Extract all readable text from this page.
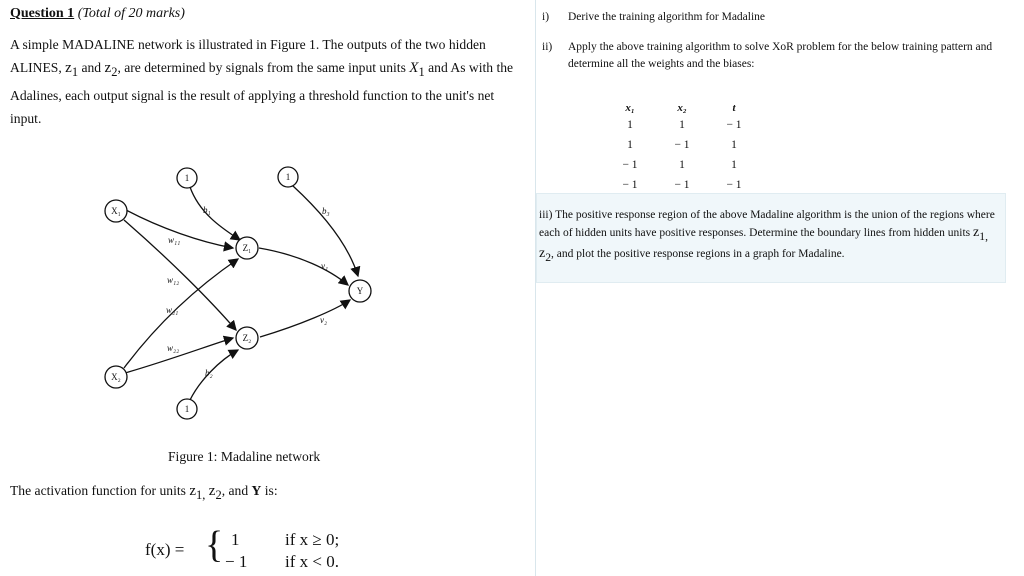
Question 1 (Total of 20 marks)
A simple MADALINE network is illustrated in Figure 1. The outputs of the two hidden ALINES, $z_1$ and $z_2$, are determined by signals from the same input units $X_1$ and As with the Adalines, each output signal is the result of applying a threshold function to the unit's net input.
1	1
X₁
Z₁
Y
Z₂
X₂
1
b₁	b₃
w₁₁
w₁₂
v₁
w₂₁
v₂
w₂₂
b₂
Figure 1: Madaline network
The activation function for units $z_{1,}$ $z_2$, and Y is:
f(x) = { 1	if x ≥ 0;
− 1 if x < 0.
i) Derive the training algorithm for Madaline
ii) Apply the above training algorithm to solve XoR problem for the below training pattern and determine all the weights and the biases:
x₁	x₂	t
1	1	− 1
1	− 1	1
− 1	1	1
− 1	− 1	− 1
iii) The positive response region of the above Madaline algorithm is the union of the regions where each of hidden units have positive responses. Determine the boundary lines from hidden units $z_{1,}$ $z_2$, and plot the positive response regions in a graph for Madaline.
